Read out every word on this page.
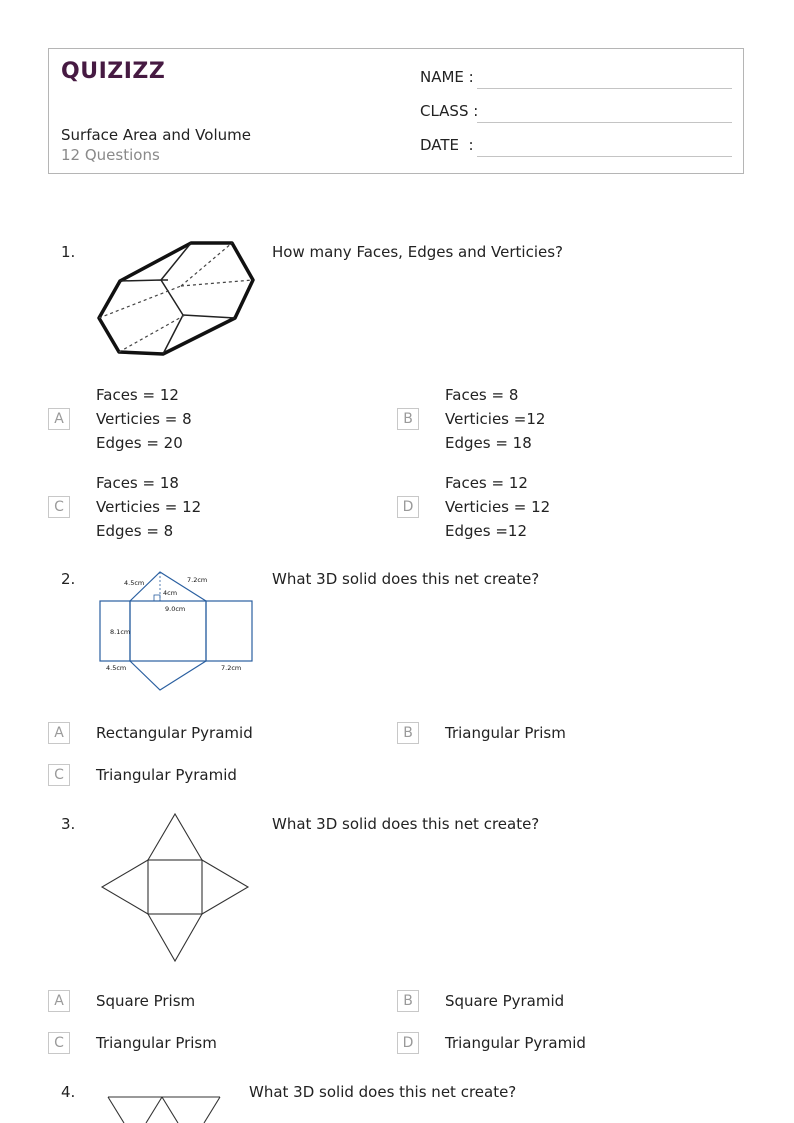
QUIZIZZ
Surface Area and Volume
12 Questions
NAME :
CLASS :
DATE  :
1.	How many Faces, Edges and Verticies?
A
Faces = 12
Verticies = 8
Edges = 20
B
Faces = 8
Verticies =12
Edges = 18
C
Faces = 18
Verticies = 12
Edges = 8
D
Faces = 12
Verticies = 12
Edges =12
2.	What 3D solid does this net create?
4.5cm	7.2cm
4cm
9.0cm
8.1cm
4.5cm	7.2cm
A	Rectangular Pyramid	B	Triangular Prism
C	Triangular Pyramid
3.	What 3D solid does this net create?
A	Square Prism	B	Square Pyramid
C	Triangular Prism	D	Triangular Pyramid
4.	What 3D solid does this net create?
